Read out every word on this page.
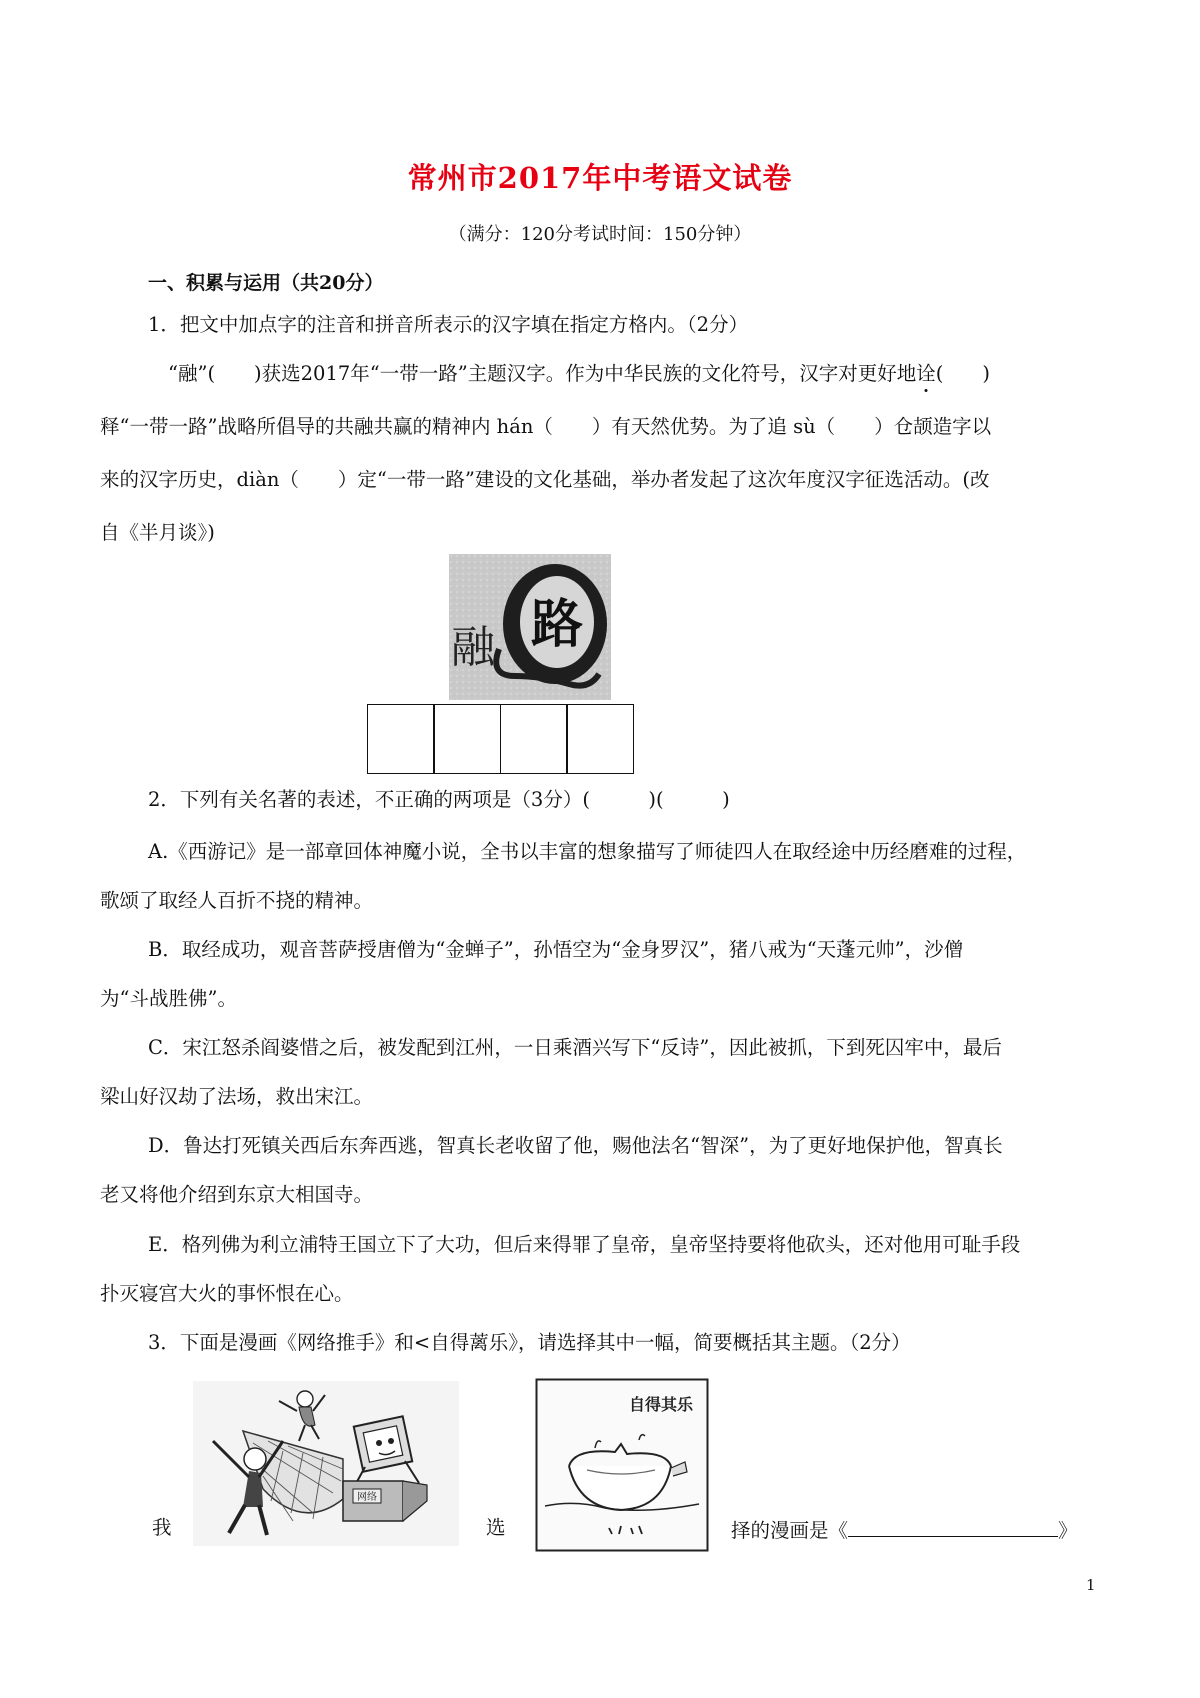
常州市2017年中考语文试卷
（满分：120分考试时间：150分钟）
一、积累与运用（共20分）
1．把文中加点字的注音和拼音所表示的汉字填在指定方格内。（2分）
“融”(　　)获选2017年“一带一路”主题汉字。作为中华民族的文化符号，汉字对更好地诠(　　)
释“一带一路”战略所倡导的共融共赢的精神内 hán（　　）有天然优势。为了追 sù（　　）仓颉造字以
来的汉字历史，diàn（　　）定“一带一路”建设的文化基础，举办者发起了这次年度汉字征选活动。(改
自《半月谈》)
路
融
2．下列有关名著的表述，不正确的两项是（3分）(　　　)(　　　)
A.《西游记》是一部章回体神魔小说，全书以丰富的想象描写了师徒四人在取经途中历经磨难的过程，
歌颂了取经人百折不挠的精神。
B．取经成功，观音菩萨授唐僧为“金蝉子”，孙悟空为“金身罗汉”，猪八戒为“天蓬元帅”，沙僧
为“斗战胜佛”。
C．宋江怒杀阎婆惜之后，被发配到江州，一日乘酒兴写下“反诗”，因此被抓，下到死囚牢中，最后
梁山好汉劫了法场，救出宋江。
D．鲁达打死镇关西后东奔西逃，智真长老收留了他，赐他法名“智深”，为了更好地保护他，智真长
老又将他介绍到东京大相国寺。
E．格列佛为利立浦特王国立下了大功，但后来得罪了皇帝，皇帝坚持要将他砍头，还对他用可耻手段
扑灭寝宫大火的事怀恨在心。
3．下面是漫画《网络推手》和<自得蓠乐》，请选择其中一幅，简要概括其主题。（2分）
网络
自得其乐
我	选	择的漫画是《	》
1
